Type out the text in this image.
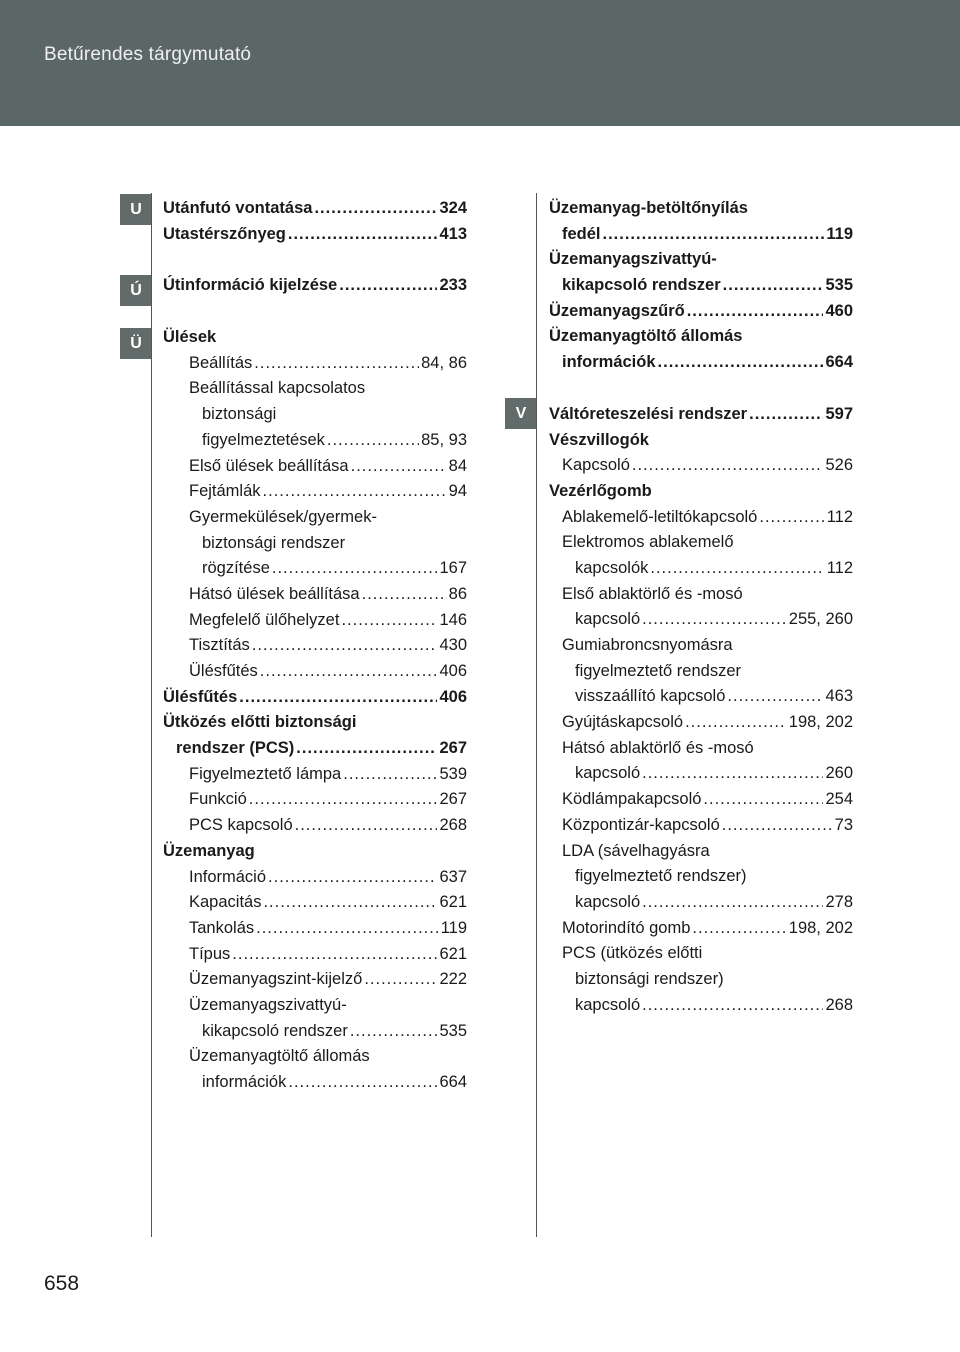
Betűrendes tárgymutató
U
Ú
Ü
V
Utánfutó vontatása .....	324
Utastérszőnyeg .....	413
Útinformáció kijelzése .....	233
Ülések
Beállítás .....	84, 86
Beállítással kapcsolatos
biztonsági
figyelmeztetések .....	85, 93
Első ülések beállítása .....	84
Fejtámlák .....	94
Gyermekülések/gyermek-
biztonsági rendszer
rögzítése .....	167
Hátsó ülések beállítása .....	86
Megfelelő ülőhelyzet .....	146
Tisztítás .....	430
Ülésfűtés .....	406
Ülésfűtés .....	406
Ütközés előtti biztonsági
rendszer (PCS) .....	267
Figyelmeztető lámpa .....	539
Funkció .....	267
PCS kapcsoló .....	268
Üzemanyag
Információ .....	637
Kapacitás .....	621
Tankolás .....	119
Típus .....	621
Üzemanyagszint-kijelző .....	222
Üzemanyagszivattyú-
kikapcsoló rendszer .....	535
Üzemanyagtöltő állomás
információk .....	664
Üzemanyag-betöltőnyílás
fedél .....	119
Üzemanyagszivattyú-
kikapcsoló rendszer .....	535
Üzemanyagszűrő .....	460
Üzemanyagtöltő állomás
információk .....	664
Váltóreteszelési rendszer .....	597
Vészvillogók
Kapcsoló .....	526
Vezérlőgomb
Ablakemelő-letiltókapcsoló .....	112
Elektromos ablakemelő
kapcsolók .....	112
Első ablaktörlő és -mosó
kapcsoló .....	255, 260
Gumiabroncsnyomásra
figyelmeztető rendszer
visszaállító kapcsoló .....	463
Gyújtáskapcsoló .....	198, 202
Hátsó ablaktörlő és -mosó
kapcsoló .....	260
Ködlámpakapcsoló .....	254
Központizár-kapcsoló .....	73
LDA (sávelhagyásra
figyelmeztető rendszer)
kapcsoló .....	278
Motorindító gomb .....	198, 202
PCS (ütközés előtti
biztonsági rendszer)
kapcsoló .....	268
658
